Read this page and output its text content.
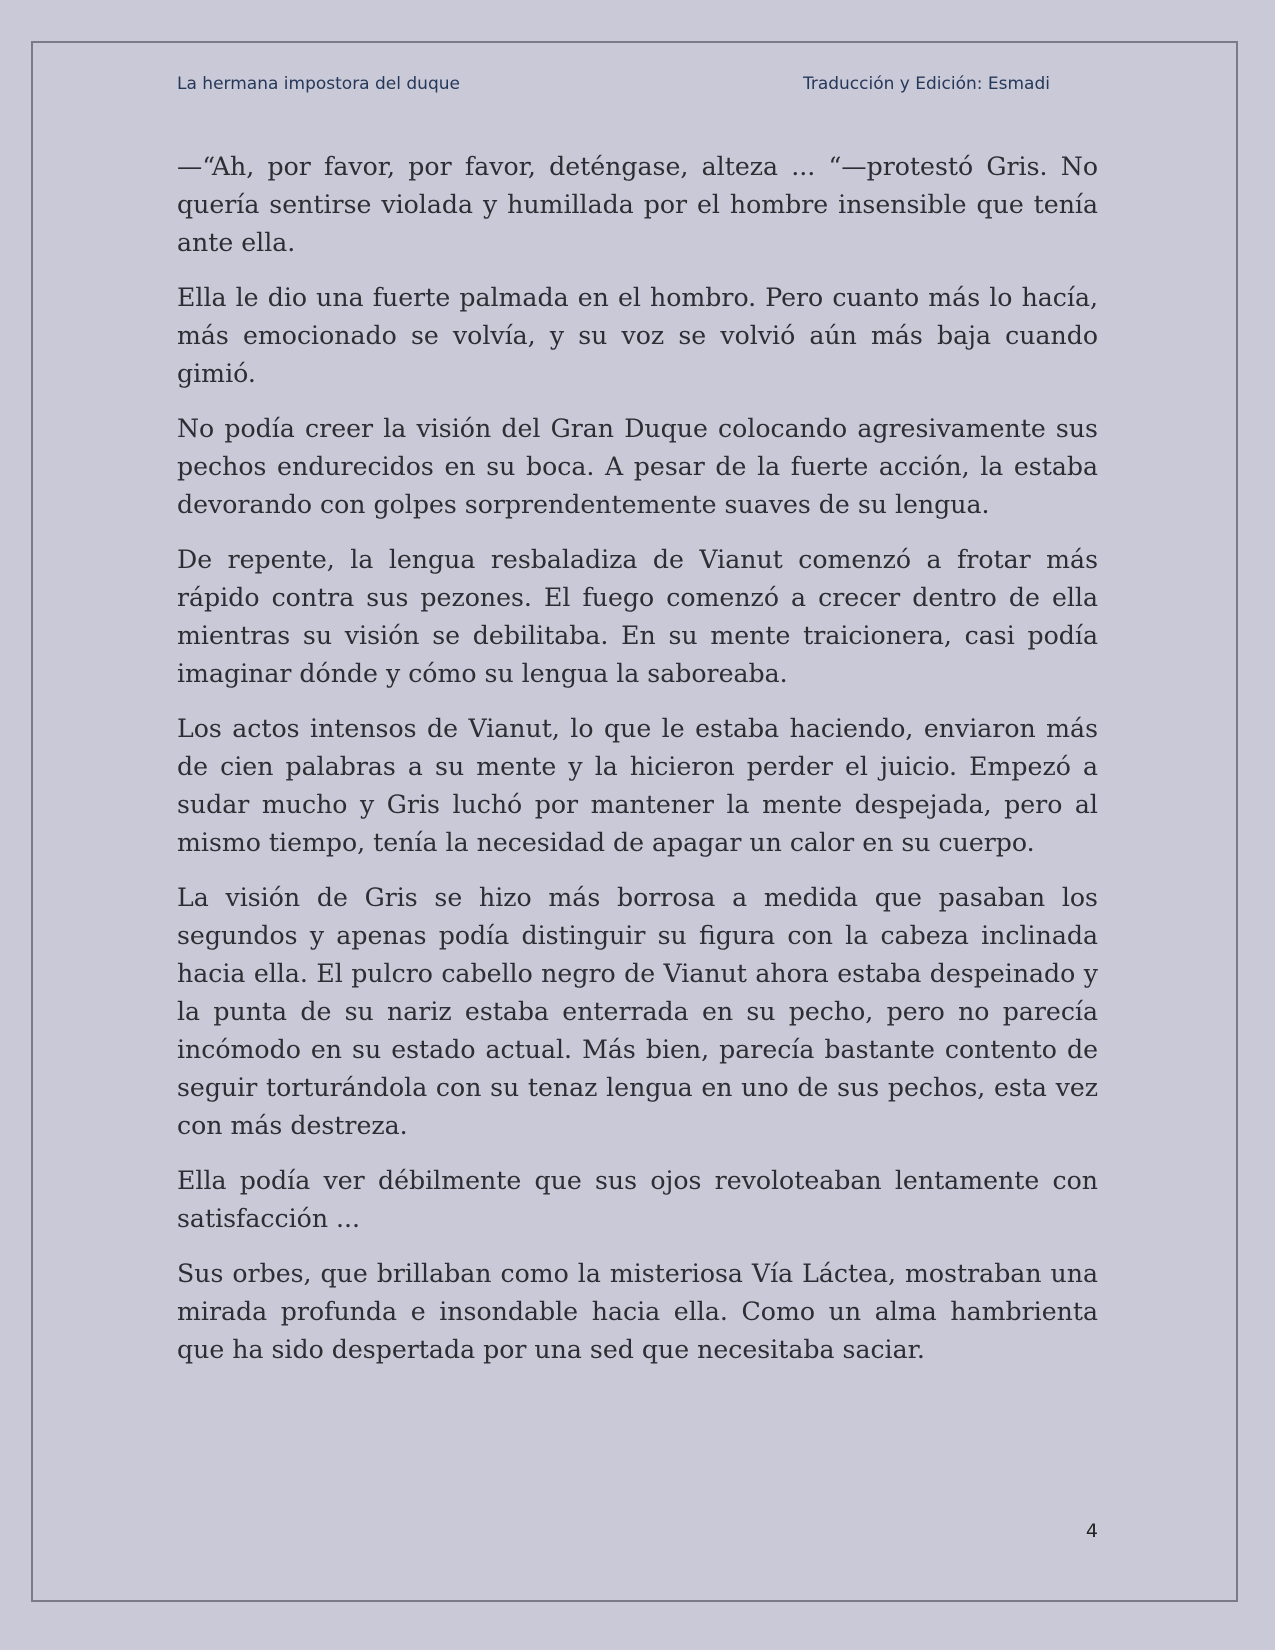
La hermana impostora del duque	Traducción y Edición: Esmadi

—“Ah, por favor, por favor, deténgase, alteza ... “—protestó Gris. No quería sentirse violada y humillada por el hombre insensible que tenía ante ella.

Ella le dio una fuerte palmada en el hombro. Pero cuanto más lo hacía, más emocionado se volvía, y su voz se volvió aún más baja cuando gimió.

No podía creer la visión del Gran Duque colocando agresivamente sus pechos endurecidos en su boca. A pesar de la fuerte acción, la estaba devorando con golpes sorprendentemente suaves de su lengua.

De repente, la lengua resbaladiza de Vianut comenzó a frotar más rápido contra sus pezones. El fuego comenzó a crecer dentro de ella mientras su visión se debilitaba. En su mente traicionera, casi podía imaginar dónde y cómo su lengua la saboreaba.

Los actos intensos de Vianut, lo que le estaba haciendo, enviaron más de cien palabras a su mente y la hicieron perder el juicio. Empezó a sudar mucho y Gris luchó por mantener la mente despejada, pero al mismo tiempo, tenía la necesidad de apagar un calor en su cuerpo.

La visión de Gris se hizo más borrosa a medida que pasaban los segundos y apenas podía distinguir su figura con la cabeza inclinada hacia ella. El pulcro cabello negro de Vianut ahora estaba despeinado y la punta de su nariz estaba enterrada en su pecho, pero no parecía incómodo en su estado actual. Más bien, parecía bastante contento de seguir torturándola con su tenaz lengua en uno de sus pechos, esta vez con más destreza.

Ella podía ver débilmente que sus ojos revoloteaban lentamente con satisfacción ...

Sus orbes, que brillaban como la misteriosa Vía Láctea, mostraban una mirada profunda e insondable hacia ella. Como un alma hambrienta que ha sido despertada por una sed que necesitaba saciar.

4
